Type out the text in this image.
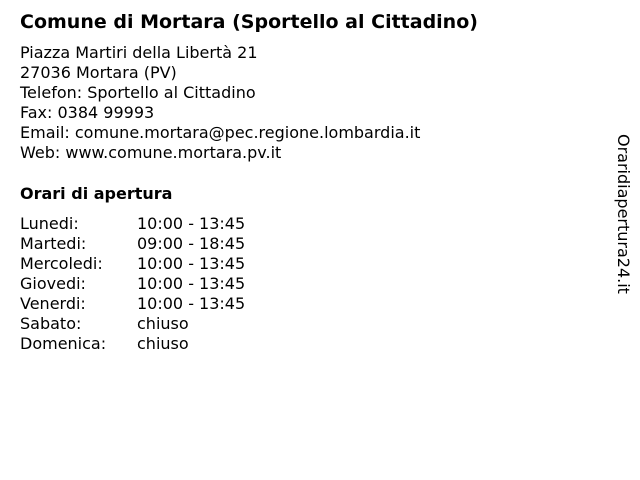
Comune di Mortara (Sportello al Cittadino)
Piazza Martiri della Libertà 21
27036 Mortara (PV)
Telefon: Sportello al Cittadino
Fax: 0384 99993
Email: comune.mortara@pec.regione.lombardia.it
Web: www.comune.mortara.pv.it
Orari di apertura
Lunedi:	10:00 - 13:45
Martedi:	09:00 - 18:45
Mercoledi: 10:00 - 13:45
Giovedi:	10:00 - 13:45
Venerdi:	10:00 - 13:45
Sabato:	chiuso
Domenica: chiuso
Oraridiapertura24.it
